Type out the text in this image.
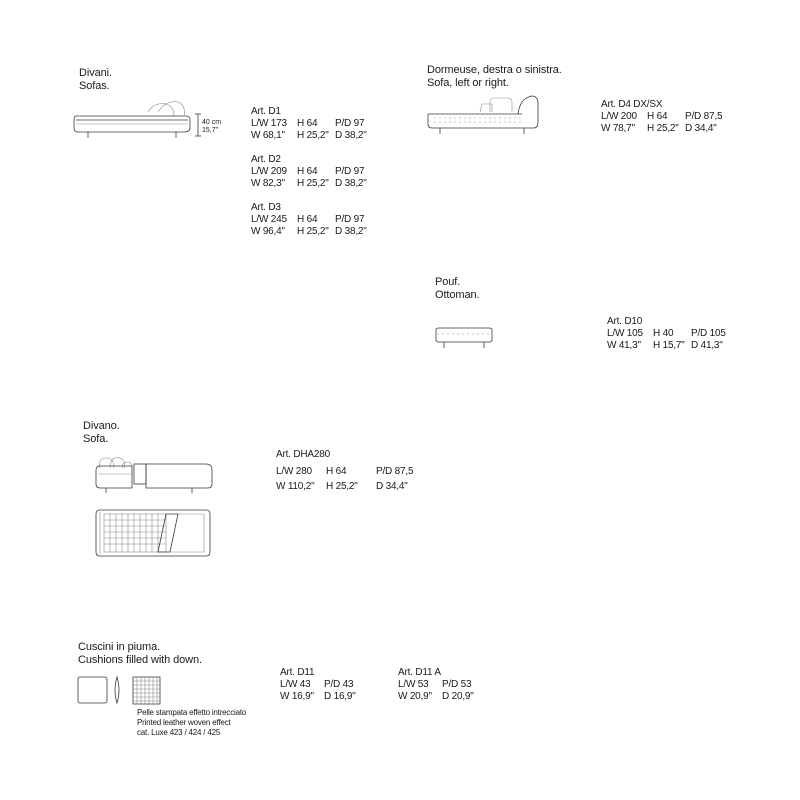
Divani.
Sofas.
40 cm
15,7"
Art. D1
L/W 173	H 64	P/D 97
W 68,1"	H 25,2" D 38,2"
Art. D2
L/W 209	H 64	P/D 97
W 82,3"	H 25,2" D 38,2"
Art. D3
L/W 245	H 64	P/D 97
W 96,4"	H 25,2" D 38,2"
Dormeuse, destra o sinistra.
Sofa, left or right.
Art. D4 DX/SX
L/W 200	H 64	P/D 87,5
W 78,7"	H 25,2" D 34,4"
Pouf.
Ottoman.
Art. D10
L/W 105	H 40	P/D 105
W 41,3"	H 15,7" D 41,3"
Divano.
Sofa.
Art. DHA280
L/W 280	H 64	P/D 87,5
W 110,2"	H 25,2"	D 34,4"
Cuscini in piuma.
Cushions filled with down.
Pelle stampata effetto intrecciato
Printed leather woven effect
cat. Luxe 423 / 424 / 425
Art. D11
L/W 43	P/D 43
W 16,9"	D 16,9"
Art. D11 A
L/W 53	P/D 53
W 20,9"	D 20,9"
